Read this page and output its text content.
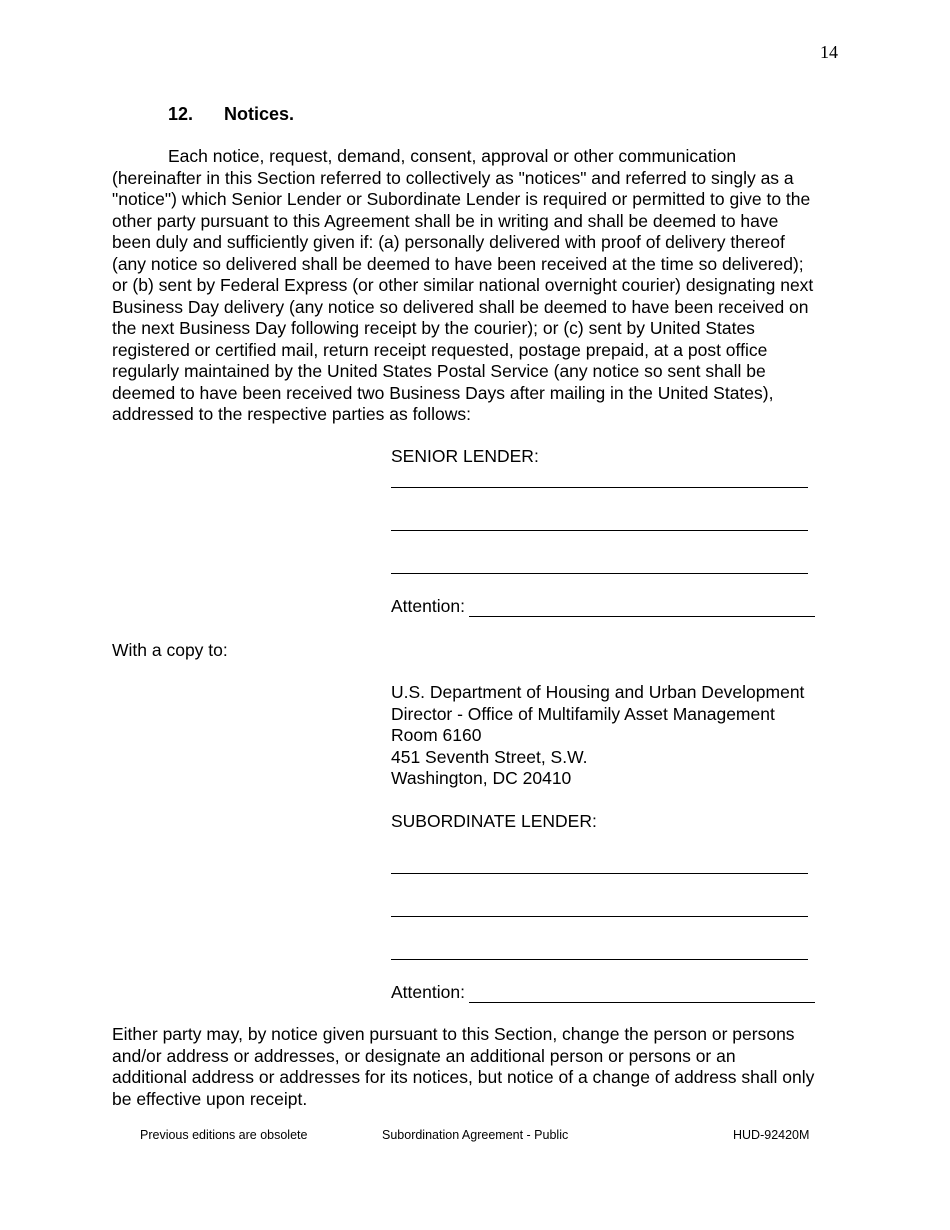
14
12. Notices.
Each notice, request, demand, consent, approval or other communication
(hereinafter in this Section referred to collectively as "notices" and referred to singly as a
"notice") which Senior Lender or Subordinate Lender is required or permitted to give to the
other party pursuant to this Agreement shall be in writing and shall be deemed to have
been duly and sufficiently given if: (a) personally delivered with proof of delivery thereof
(any notice so delivered shall be deemed to have been received at the time so delivered);
or (b) sent by Federal Express (or other similar national overnight courier) designating next
Business Day delivery (any notice so delivered shall be deemed to have been received on
the next Business Day following receipt by the courier); or (c) sent by United States
registered or certified mail, return receipt requested, postage prepaid, at a post office
regularly maintained by the United States Postal Service (any notice so sent shall be
deemed to have been received two Business Days after mailing in the United States),
addressed to the respective parties as follows:
SENIOR LENDER:
Attention:
With a copy to:
U.S. Department of Housing and Urban Development
Director - Office of Multifamily Asset Management
Room 6160
451 Seventh Street, S.W.
Washington, DC 20410
SUBORDINATE LENDER:
Attention:
Either party may, by notice given pursuant to this Section, change the person or persons
and/or address or addresses, or designate an additional person or persons or an
additional address or addresses for its notices, but notice of a change of address shall only
be effective upon receipt.
Previous editions are obsolete	Subordination Agreement - Public	HUD-92420M
